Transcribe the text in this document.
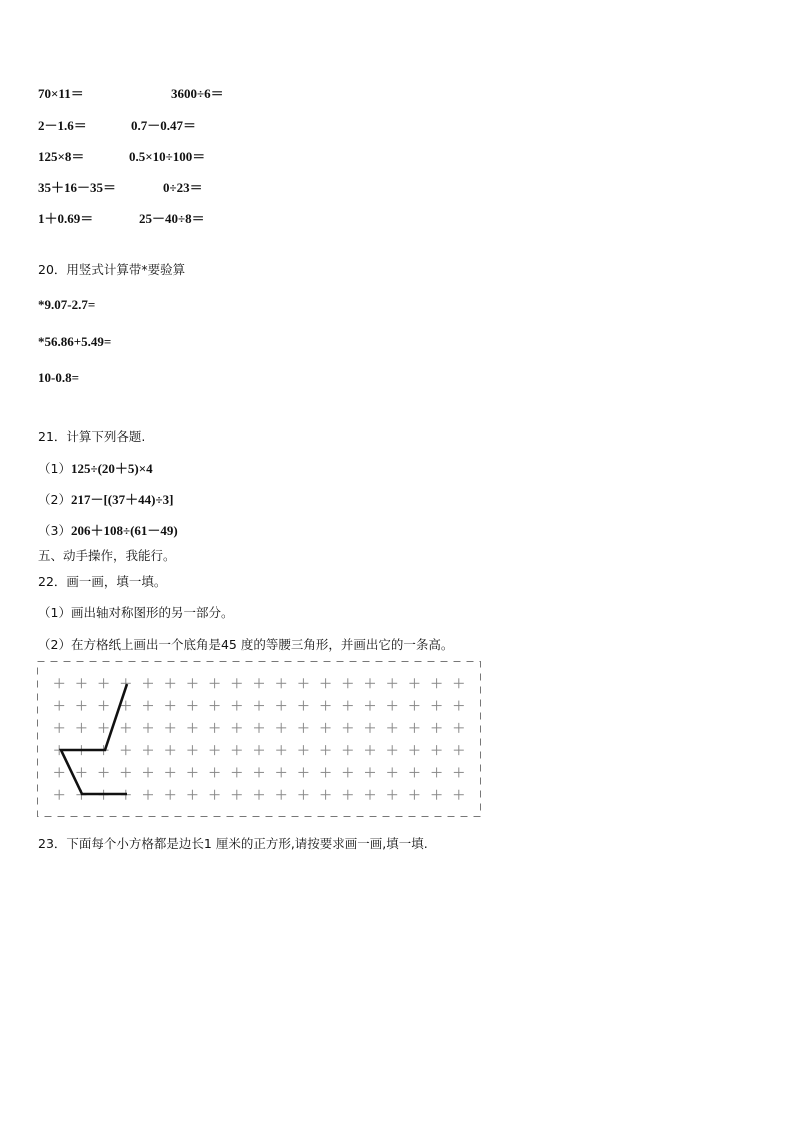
70×11＝	3600÷6＝
2－1.6＝	0.7－0.47＝
125×8＝	0.5×10÷100＝
35＋16－35＝	0÷23＝
1＋0.69＝	25－40÷8＝
20．用竖式计算带*要验算
*9.07-2.7=
*56.86+5.49=
10-0.8=
21．计算下列各题.
（1）125÷(20＋5)×4
（2）217－[(37＋44)÷3]
（3）206＋108÷(61－49)
五、动手操作，我能行。
22．画一画，填一填。
（1）画出轴对称图形的另一部分。
（2）在方格纸上画出一个底角是45 度的等腰三角形，并画出它的一条高。
23．下面每个小方格都是边长1 厘米的正方形,请按要求画一画,填一填.
